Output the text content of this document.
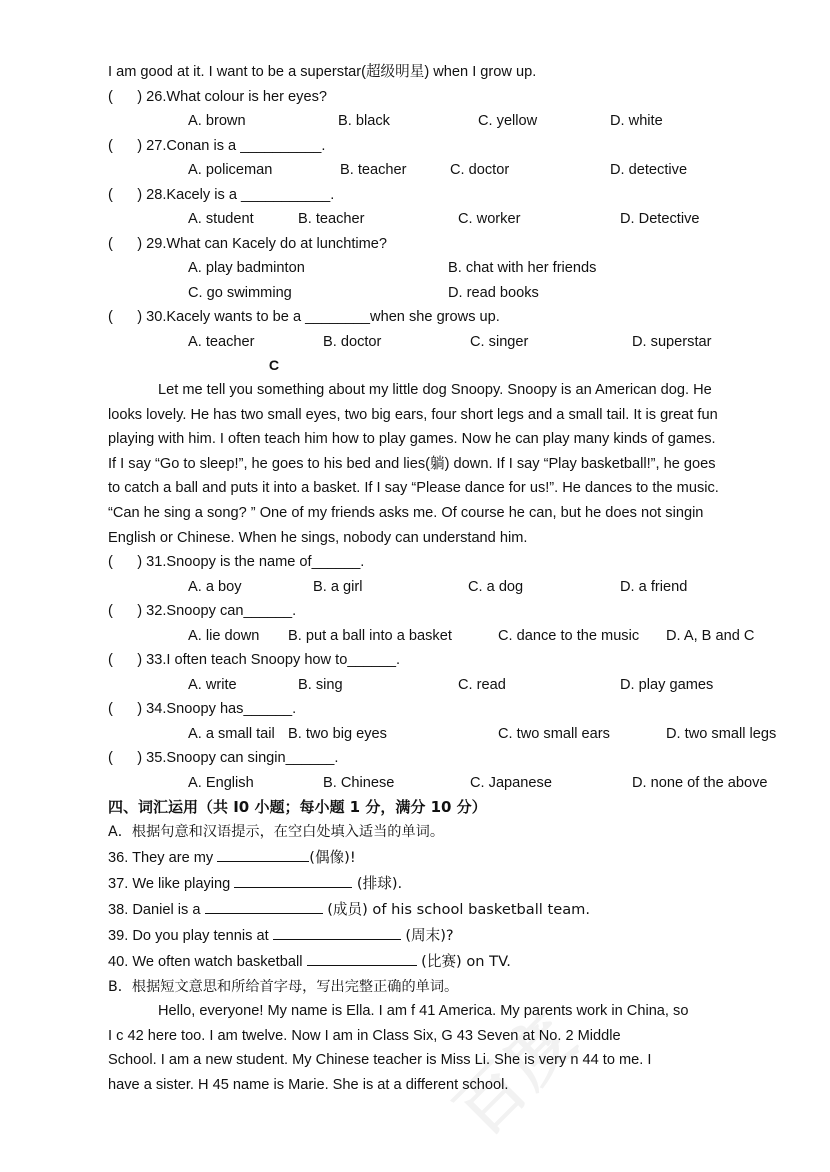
百度
I am good at it. I want to be a superstar(超级明星) when I grow up.
(      ) 26.What colour is her eyes?
A. brown	B. black	C. yellow	D. white
(      ) 27.Conan is a __________.
A. policeman	B. teacher	C. doctor	D. detective
(      ) 28.Kacely is a ___________.
A. student	B. teacher	C. worker	D. Detective
(      ) 29.What can Kacely do at lunchtime?
A. play badminton	B. chat with her friends
C. go swimming	D. read books
(      ) 30.Kacely wants to be a ________when she grows up.
A. teacher	B. doctor	C. singer	D. superstar
C
Let me tell you something about my little dog Snoopy. Snoopy is an American dog. He
looks lovely. He has two small eyes, two big ears, four short legs and a small tail. It is great fun
playing with him. I often teach him how to play games. Now he can play many kinds of games.
If I say “Go to sleep!”, he goes to his bed and lies(躺) down. If I say “Play basketball!”, he goes
to catch a ball and puts it into a basket. If I say “Please dance for us!”. He dances to the music.
“Can he sing a song? ” One of my friends asks me. Of course he can, but he does not singin
English or Chinese. When he sings, nobody can understand him.
(      ) 31.Snoopy is the name of______.
A. a boy	B. a girl	C. a dog	D. a friend
(      ) 32.Snoopy can______.
A. lie down	B. put a ball into a basket	C. dance to the music	D. A, B and C
(      ) 33.I often teach Snoopy how to______.
A. write	B. sing	C. read	D. play games
(      ) 34.Snoopy has______.
A. a small tail B. two big eyes	C. two small ears	D. two small legs
(      ) 35.Snoopy can singin______.
A. English	B. Chinese	C. Japanese	D. none of the above
四、词汇运用（共 I0 小题；每小题 1 分，满分 10 分）
A．根据句意和汉语提示，在空白处填入适当的单词。
36. They are my	(偶像)!
37. We like playing	(排球).
38. Daniel is a	(成员) of his school basketball team.
39. Do you play tennis at	(周末)?
40. We often watch basketball	(比赛) on TV.
B．根据短文意思和所给首字母，写出完整正确的单词。
Hello, everyone! My name is Ella. I am f 41 America. My parents work in China, so
I c 42 here too. I am twelve. Now I am in Class Six, G 43 Seven at No. 2 Middle
School. I am a new student. My Chinese teacher is Miss Li. She is very n 44 to me. I
have a sister. H 45 name is Marie. She is at a different school.
